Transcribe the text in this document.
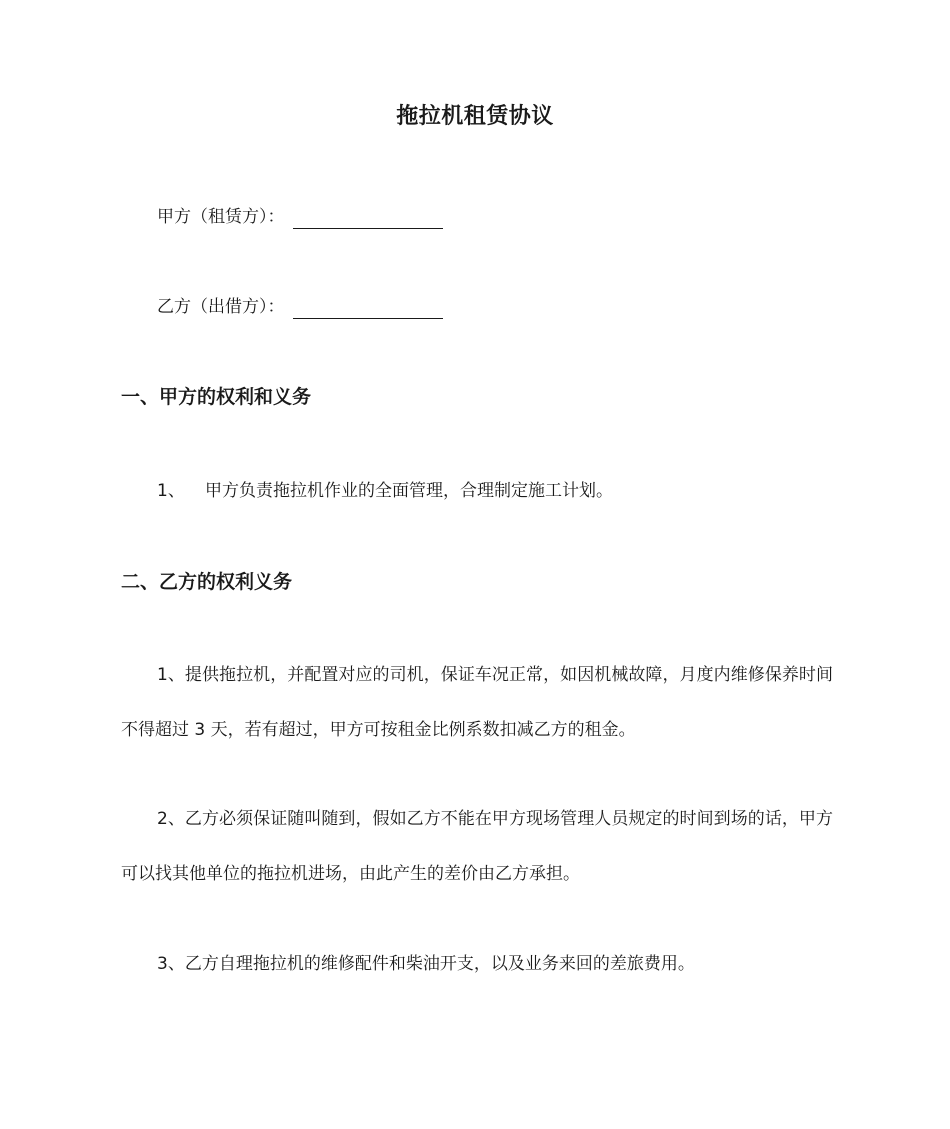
拖拉机租赁协议
甲方（租赁方）：
乙方（出借方）：
一、甲方的权利和义务
1、 甲方负责拖拉机作业的全面管理，合理制定施工计划。
二、乙方的权利义务
1、提供拖拉机，并配置对应的司机，保证车况正常，如因机械故障，月度内维修保养时间不得超过 3 天，若有超过，甲方可按租金比例系数扣减乙方的租金。
2、乙方必须保证随叫随到，假如乙方不能在甲方现场管理人员规定的时间到场的话，甲方可以找其他单位的拖拉机进场，由此产生的差价由乙方承担。
3、乙方自理拖拉机的维修配件和柴油开支，以及业务来回的差旅费用。
